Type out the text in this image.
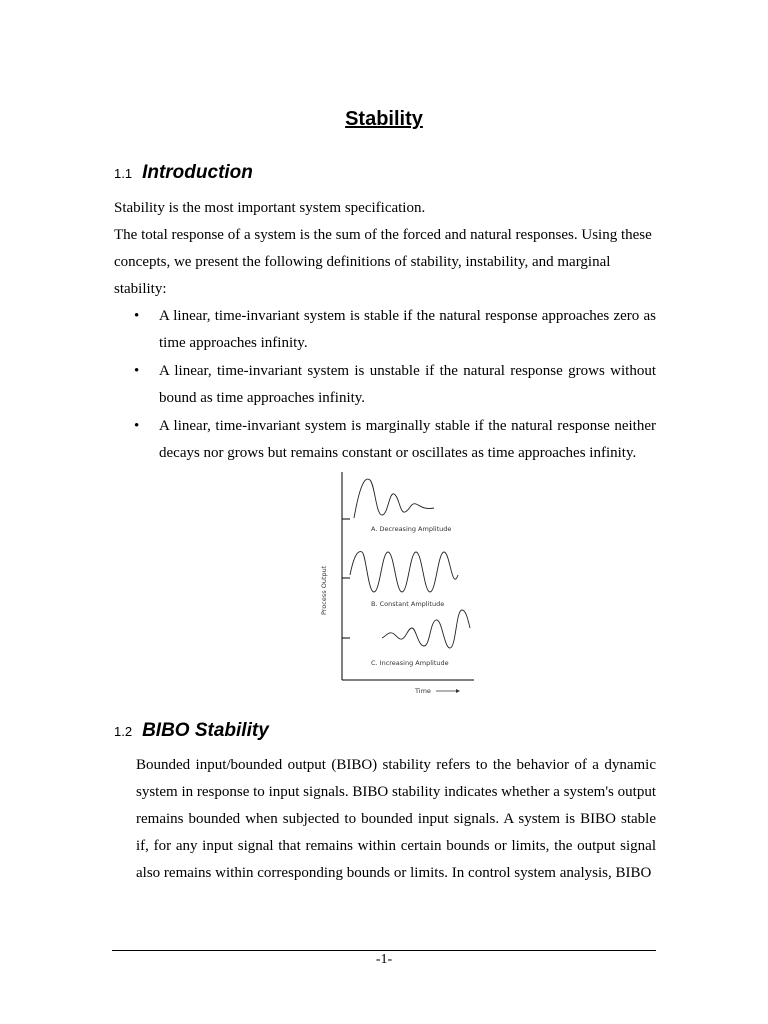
Stability
1.1 Introduction

Stability is the most important system specification.

The total response of a system is the sum of the forced and natural responses. Using these concepts, we present the following definitions of stability, instability, and marginal stability:

• A linear, time-invariant system is stable if the natural response approaches zero as time approaches infinity.
• A linear, time-invariant system is unstable if the natural response grows without bound as time approaches infinity.
• A linear, time-invariant system is marginally stable if the natural response neither decays nor grows but remains constant or oscillates as time approaches infinity.
A. Decreasing Amplitude
B. Constant Amplitude
C. Increasing Amplitude
Process Output
Time
1.2 BIBO Stability
Bounded input/bounded output (BIBO) stability refers to the behavior of a dynamic system in response to input signals. BIBO stability indicates whether a system's output remains bounded when subjected to bounded input signals. A system is BIBO stable if, for any input signal that remains within certain bounds or limits, the output signal also remains within corresponding bounds or limits. In control system analysis, BIBO
-1-
